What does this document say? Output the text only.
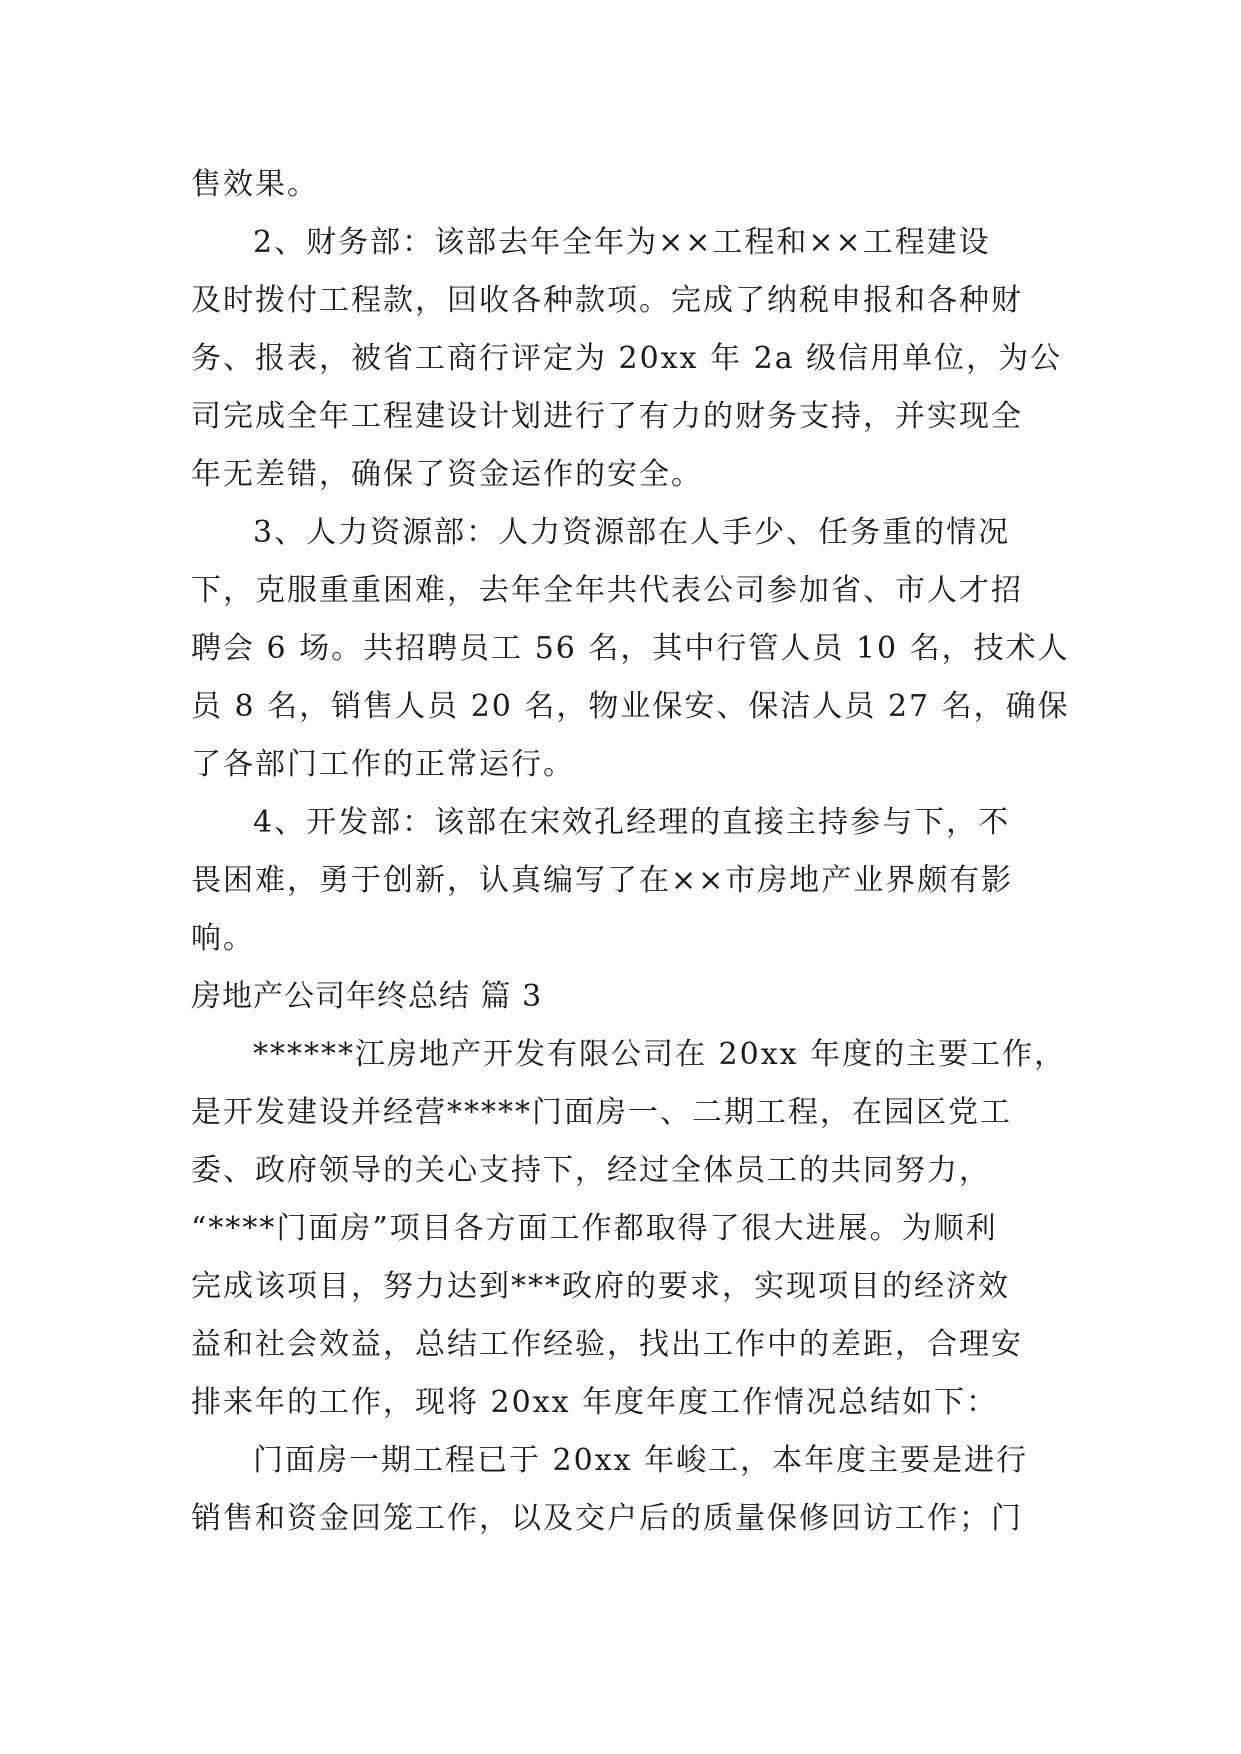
售效果。
2、财务部：该部去年全年为××工程和××工程建设
及时拨付工程款，回收各种款项。完成了纳税申报和各种财
务、报表，被省工商行评定为 20xx 年 2a 级信用单位，为公
司完成全年工程建设计划进行了有力的财务支持，并实现全
年无差错，确保了资金运作的安全。
3、人力资源部：人力资源部在人手少、任务重的情况
下，克服重重困难，去年全年共代表公司参加省、市人才招
聘会 6 场。共招聘员工 56 名，其中行管人员 10 名，技术人
员 8 名，销售人员 20 名，物业保安、保洁人员 27 名，确保
了各部门工作的正常运行。
4、开发部：该部在宋效孔经理的直接主持参与下，不
畏困难，勇于创新，认真编写了在××市房地产业界颇有影
响。
房地产公司年终总结 篇 3
******江房地产开发有限公司在 20xx 年度的主要工作，
是开发建设并经营*****门面房一、二期工程，在园区党工
委、政府领导的关心支持下，经过全体员工的共同努力，
“****门面房”项目各方面工作都取得了很大进展。为顺利
完成该项目，努力达到***政府的要求，实现项目的经济效
益和社会效益，总结工作经验，找出工作中的差距，合理安
排来年的工作，现将 20xx 年度年度工作情况总结如下：
门面房一期工程已于 20xx 年峻工，本年度主要是进行
销售和资金回笼工作，以及交户后的质量保修回访工作；门
